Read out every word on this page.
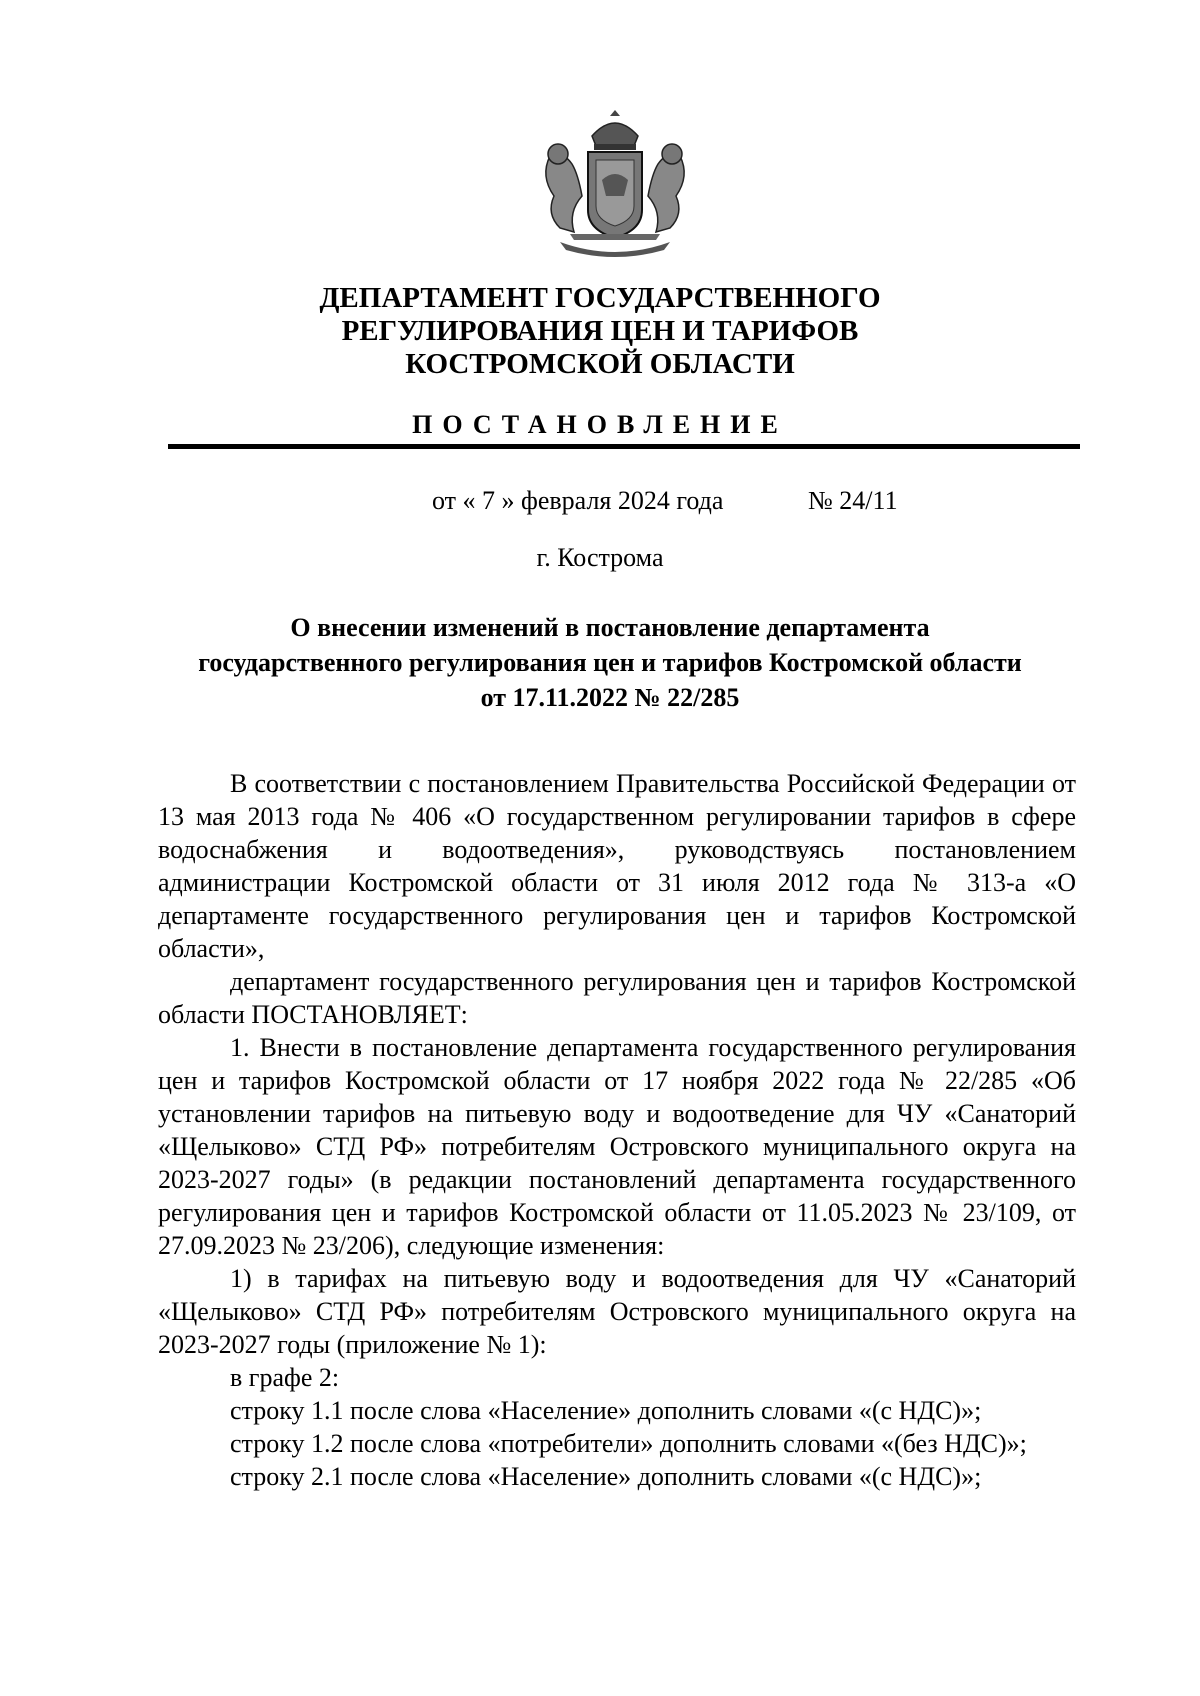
ДЕПАРТАМЕНТ ГОСУДАРСТВЕННОГО
РЕГУЛИРОВАНИЯ ЦЕН И ТАРИФОВ
КОСТРОМСКОЙ ОБЛАСТИ
ПОСТАНОВЛЕНИЕ
от « 7 » февраля 2024 года	№ 24/11
г. Кострома
О внесении изменений в постановление департамента
государственного регулирования цен и тарифов Костромской области
от 17.11.2022 № 22/285

В соответствии с постановлением Правительства Российской Федерации от 13 мая 2013 года № 406 «О государственном регулировании тарифов в сфере водоснабжения и водоотведения», руководствуясь постановлением администрации Костромской области от 31 июля 2012 года № 313-а «О департаменте государственного регулирования цен и тарифов Костромской области»,

департамент государственного регулирования цен и тарифов Костромской области ПОСТАНОВЛЯЕТ:

1. Внести в постановление департамента государственного регулирования цен и тарифов Костромской области от 17 ноября 2022 года № 22/285 «Об установлении тарифов на питьевую воду и водоотведение для ЧУ «Санаторий «Щелыково» СТД РФ» потребителям Островского муниципального округа на 2023-2027 годы» (в редакции постановлений департамента государственного регулирования цен и тарифов Костромской области от 11.05.2023 № 23/109, от 27.09.2023 № 23/206), следующие изменения:

1) в тарифах на питьевую воду и водоотведения для ЧУ «Санаторий «Щелыково» СТД РФ» потребителям Островского муниципального округа на 2023-2027 годы (приложение № 1):

в графе 2:

строку 1.1 после слова «Население» дополнить словами «(с НДС)»;

строку 1.2 после слова «потребители» дополнить словами «(без НДС)»;

строку 2.1 после слова «Население» дополнить словами «(с НДС)»;
